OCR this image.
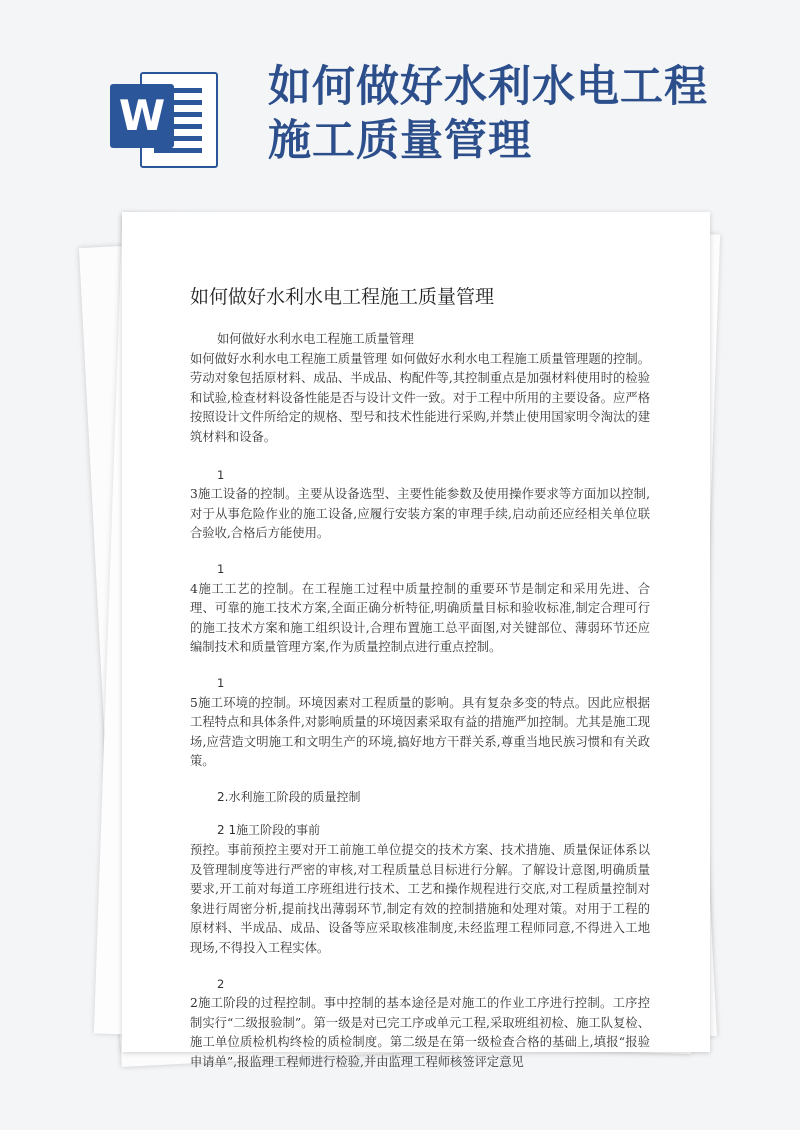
W
如何做好水利水电工程
施工质量管理
如何做好水利水电工程施工质量管理

如何做好水利水电工程施工质量管理

如何做好水利水电工程施工质量管理 如何做好水利水电工程施工质量管理题的控制。劳动对象包括原材料、成品、半成品、构配件等,其控制重点是加强材料使用时的检验和试验,检查材料设备性能是否与设计文件一致。对于工程中所用的主要设备。应严格按照设计文件所给定的规格、型号和技术性能进行采购,并禁止使用国家明令淘汰的建筑材料和设备。

1

3施工设备的控制。主要从设备选型、主要性能参数及使用操作要求等方面加以控制,对于从事危险作业的施工设备,应履行安装方案的审理手续,启动前还应经相关单位联合验收,合格后方能使用。

1

4施工工艺的控制。在工程施工过程中质量控制的重要环节是制定和采用先进、合理、可靠的施工技术方案,全面正确分析特征,明确质量目标和验收标准,制定合理可行的施工技术方案和施工组织设计,合理布置施工总平面图,对关键部位、薄弱环节还应编制技术和质量管理方案,作为质量控制点进行重点控制。

1

5施工环境的控制。环境因素对工程质量的影响。具有复杂多变的特点。因此应根据工程特点和具体条件,对影响质量的环境因素采取有益的措施严加控制。尤其是施工现场,应营造文明施工和文明生产的环境,搞好地方干群关系,尊重当地民族习惯和有关政策。

2.水利施工阶段的质量控制

2 1施工阶段的事前

预控。事前预控主要对开工前施工单位提交的技术方案、技术措施、质量保证体系以及管理制度等进行严密的审核,对工程质量总目标进行分解。了解设计意图,明确质量要求,开工前对每道工序班组进行技术、工艺和操作规程进行交底,对工程质量控制对象进行周密分析,提前找出薄弱环节,制定有效的控制措施和处理对策。对用于工程的原材料、半成品、成品、设备等应采取核准制度,未经监理工程师同意,不得进入工地现场,不得投入工程实体。

2

2施工阶段的过程控制。事中控制的基本途径是对施工的作业工序进行控制。工序控制实行“二级报验制”。第一级是对已完工序或单元工程,采取班组初检、施工队复检、施工单位质检机构终检的质检制度。第二级是在第一级检查合格的基础上,填报“报验申请单”,报监理工程师进行检验,并由监理工程师核签评定意见
